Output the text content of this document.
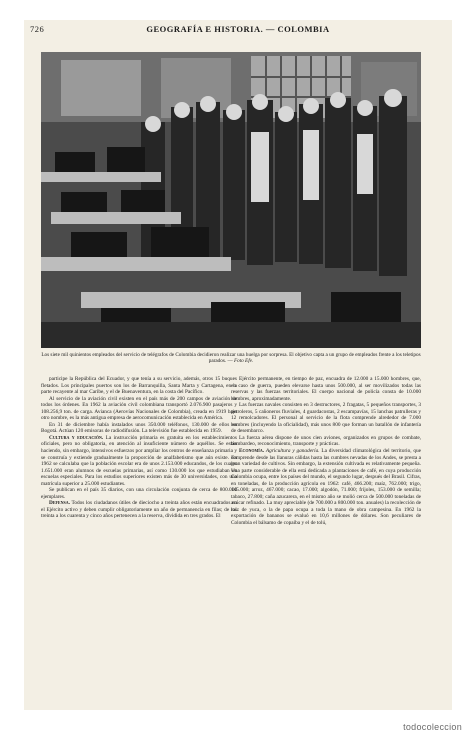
726	GEOGRAFÍA E HISTORIA. — COLOMBIA
Los siete mil quinientos empleados del servicio de telégrafos de Colombia decidieron realizar una huelga por sorpresa. El objetivo capta a un grupo de empleados frente a los teletipos parados. — Foto Efe.

participe la República del Ecuador, y que tenía a su servicio, además, otros 15 buques fletados. Los principales puertos son los de Barranquilla, Santa Marta y Cartagena, en la parte recayente al mar Caribe, y el de Buenaventura, en la costa del Pacífico.

Al servicio de la aviación civil existen en el país más de 200 campos de aviación de todos los órdenes. En 1962 la aviación civil colombiana transportó 2.076.900 pasajeros y 108.256,9 ton. de carga. Avianca (Aerovías Nacionales de Colombia), creada en 1919 bajo otro nombre, es la más antigua empresa de aerocomunicación establecida en América.

En 31 de diciembre había instalados unos 350.000 teléfonos, 130.000 de ellos en Bogotá. Actúan 120 emisoras de radiodifusión. La televisión fue establecida en 1959.

Cultura y educación. La instrucción primaria es gratuita en los establecimientos oficiales, pero no obligatoria, en atención al insuficiente número de aquéllos. Se están haciendo, sin embargo, intensivos esfuerzos por ampliar los centros de enseñanza primaria y se construía y extiende gradualmente la proporción de analfabetismo que aún existe. En 1962 se calculaba que la población escolar era de unos 2.153.000 educandos, de los cuales 1.651.000 eran alumnos de escuelas primarias, así como 130.000 los que estudiaban en escuelas especiales. Para los estudios superiores existen más de 30 universidades, con una matrícula superior a 25.000 estudiantes.

Se publican en el país 35 diarios, con una circulación conjunta de cerca de 800.000 ejemplares.

Defensa. Todos los ciudadanos útiles de dieciocho a treinta años están encuadrados en el Ejército activo y deben cumplir obligatoriamente un año de permanencia en filas; de los treinta a los cuarenta y cinco años pertenecen a la reserva, dividida en tres grados. El

Ejército permanente, en tiempo de paz, encuadra de 12.000 a 15.000 hombres, que, en caso de guerra, pueden elevarse hasta unos 500.000, al ser movilizados todas las reservas y las fuerzas territoriales. El cuerpo nacional de policía consta de 10.000 hombres, aproximadamente.

Las fuerzas navales consisten en 3 destructores, 2 fragatas, 5 pequeños transportes, 3 petroleros, 5 cañoneros fluviales, 4 guardacostas, 2 escampavías, 15 lanchas patrulleras y 12 remolcadores. El personal al servicio de la flota comprende alrededor de 7.000 hombres (incluyendo la oficialidad), más unos 800 que forman un batallón de infantería de desembarco.

La fuerza aérea dispone de unos cien aviones, organizados en grupos de combate, bombardeo, reconocimiento, transporte y prácticas.

Economía. Agricultura y ganadería. La diversidad climatológica del territorio, que comprende desde las llanuras cálidas hasta las cumbres nevadas de los Andes, se presta a gran variedad de cultivos. Sin embargo, la extensión cultivada es relativamente pequeña. Una parte considerable de ella está dedicada a plantaciones de café, en cuya producción Colombia ocupa, entre los países del mundo, el segundo lugar, después del Brasil. Cifras, en toneladas, de la producción agrícola en 1962: café, 466.200; maíz, 762.000; trigo, 145.000; arroz, 467.000; cacao, 17.000; algodón, 71.000; frijoles, 153.000 de semilla; tabaco, 27.800; caña azucarera, en el mismo año se molió cerca de 500.000 toneladas de azúcar refinado. La muy apreciable (de 700.000 a 800.000 ton. anuales) la recolección de raíz de yuca, o la de papa ocupa a toda la mano de obra campesina. En 1962 la exportación de bananos se evaluó en 10,6 millones de dólares. Son peculiares de Colombia el bálsamo de copaiba y el de tolú,

todocoleccion
